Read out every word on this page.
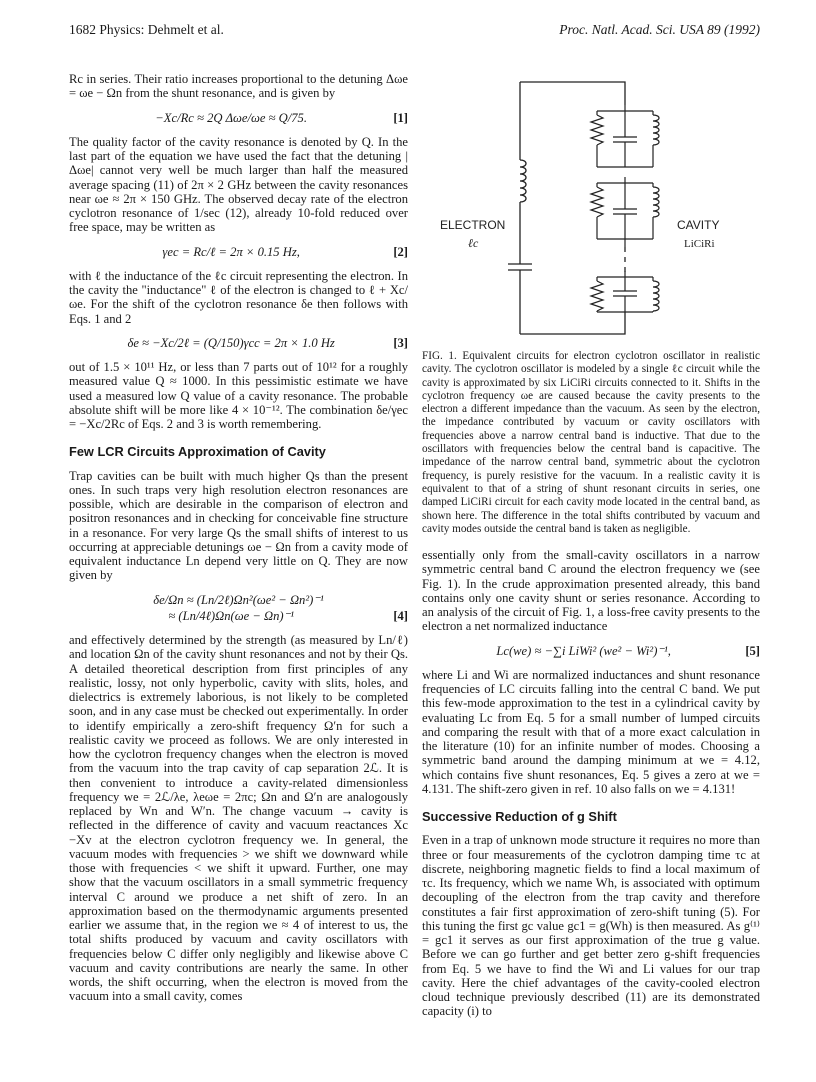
1682 Physics: Dehmelt et al.	Proc. Natl. Acad. Sci. USA 89 (1992)

Rc in series. Their ratio increases proportional to the detuning Δωe = ωe − Ωn from the shunt resonance, and is given by

−Xc/Rc ≈ 2Q Δωe/ωe ≈ Q/75.	[1]

The quality factor of the cavity resonance is denoted by Q. In the last part of the equation we have used the fact that the detuning |Δωe| cannot very well be much larger than half the measured average spacing (11) of 2π × 2 GHz between the cavity resonances near ωe ≈ 2π × 150 GHz. The observed decay rate of the electron cyclotron resonance of 1/sec (12), already 10-fold reduced over free space, may be written as

γec = Rc/ℓ = 2π × 0.15 Hz,	[2]

with ℓ the inductance of the ℓc circuit representing the electron. In the cavity the "inductance" ℓ of the electron is changed to ℓ + Xc/ωe. For the shift of the cyclotron resonance δe then follows with Eqs. 1 and 2

δe ≈ −Xc/2ℓ = (Q/150)γcc = 2π × 1.0 Hz	[3]

out of 1.5 × 10¹¹ Hz, or less than 7 parts out of 10¹² for a roughly measured value Q ≈ 1000. In this pessimistic estimate we have used a measured low Q value of a cavity resonance. The probable absolute shift will be more like 4 × 10⁻¹². The combination δe/γec = −Xc/2Rc of Eqs. 2 and 3 is worth remembering.

Few LCR Circuits Approximation of Cavity

Trap cavities can be built with much higher Qs than the present ones. In such traps very high resolution electron resonances are possible, which are desirable in the comparison of electron and positron resonances and in checking for conceivable fine structure in a resonance. For very large Qs the small shifts of interest to us occurring at appreciable detunings ωe − Ωn from a cavity mode of equivalent inductance Ln depend very little on Q. They are now given by

δe/Ωn ≈ (Ln/2ℓ)Ωn²(ωe² − Ωn²)⁻¹
≈ (Ln/4ℓ)Ωn(ωe − Ωn)⁻¹	[4]

and effectively determined by the strength (as measured by Ln/ℓ) and location Ωn of the cavity shunt resonances and not by their Qs. A detailed theoretical description from first principles of any realistic, lossy, not only hyperbolic, cavity with slits, holes, and dielectrics is extremely laborious, is not likely to be completed soon, and in any case must be checked out experimentally. In order to identify empirically a zero-shift frequency Ω′n for such a realistic cavity we proceed as follows. We are only interested in how the cyclotron frequency changes when the electron is moved from the vacuum into the trap cavity of cap separation 2ℒ. It is then convenient to introduce a cavity-related dimensionless frequency we = 2ℒ/λe, λeωe = 2πc; Ωn and Ω′n are analogously replaced by Wn and W′n. The change vacuum → cavity is reflected in the difference of cavity and vacuum reactances Xc −Xv at the electron cyclotron frequency we. In general, the vacuum modes with frequencies > we shift we downward while those with frequencies < we shift it upward. Further, one may show that the vacuum oscillators in a small symmetric frequency interval C around we produce a net shift of zero. In an approximation based on the thermodynamic arguments presented earlier we assume that, in the region we ≈ 4 of interest to us, the total shifts produced by vacuum and cavity oscillators with frequencies below C differ only negligibly and likewise above C vacuum and cavity contributions are nearly the same. In other words, the shift occurring, when the electron is moved from the vacuum into a small cavity, comes

ELECTRON
ℓc
CAVITY
LiCiRi

FIG. 1. Equivalent circuits for electron cyclotron oscillator in realistic cavity. The cyclotron oscillator is modeled by a single ℓc circuit while the cavity is approximated by six LiCiRi circuits connected to it. Shifts in the cyclotron frequency ωe are caused because the cavity presents to the electron a different impedance than the vacuum. As seen by the electron, the impedance contributed by vacuum or cavity oscillators with frequencies above a narrow central band is inductive. That due to the oscillators with frequencies below the central band is capacitive. The impedance of the narrow central band, symmetric about the cyclotron frequency, is purely resistive for the vacuum. In a realistic cavity it is equivalent to that of a string of shunt resonant circuits in series, one damped LiCiRi circuit for each cavity mode located in the central band, as shown here. The difference in the total shifts contributed by vacuum and cavity modes outside the central band is taken as negligible.

essentially only from the small-cavity oscillators in a narrow symmetric central band C around the electron frequency we (see Fig. 1). In the crude approximation presented already, this band contains only one cavity shunt or series resonance. According to an analysis of the circuit of Fig. 1, a loss-free cavity presents to the electron a net normalized inductance

Lc(we) ≈ −∑i LiWi² (we² − Wi²)⁻¹,	[5]

where Li and Wi are normalized inductances and shunt resonance frequencies of LC circuits falling into the central C band. We put this few-mode approximation to the test in a cylindrical cavity by evaluating Lc from Eq. 5 for a small number of lumped circuits and comparing the result with that of a more exact calculation in the literature (10) for an infinite number of modes. Choosing a symmetric band around the damping minimum at we = 4.12, which contains five shunt resonances, Eq. 5 gives a zero at we = 4.131. The shift-zero given in ref. 10 also falls on we = 4.131!

Successive Reduction of g Shift

Even in a trap of unknown mode structure it requires no more than three or four measurements of the cyclotron damping time τc at discrete, neighboring magnetic fields to find a local maximum of τc. Its frequency, which we name Wh, is associated with optimum decoupling of the electron from the trap cavity and therefore constitutes a fair first approximation of zero-shift tuning (5). For this tuning the first gc value gc1 = g(Wh) is then measured. As g⁽¹⁾ = gc1 it serves as our first approximation of the true g value. Before we can go further and get better zero g-shift frequencies from Eq. 5 we have to find the Wi and Li values for our trap cavity. Here the chief advantages of the cavity-cooled electron cloud technique previously described (11) are its demonstrated capacity (i) to
